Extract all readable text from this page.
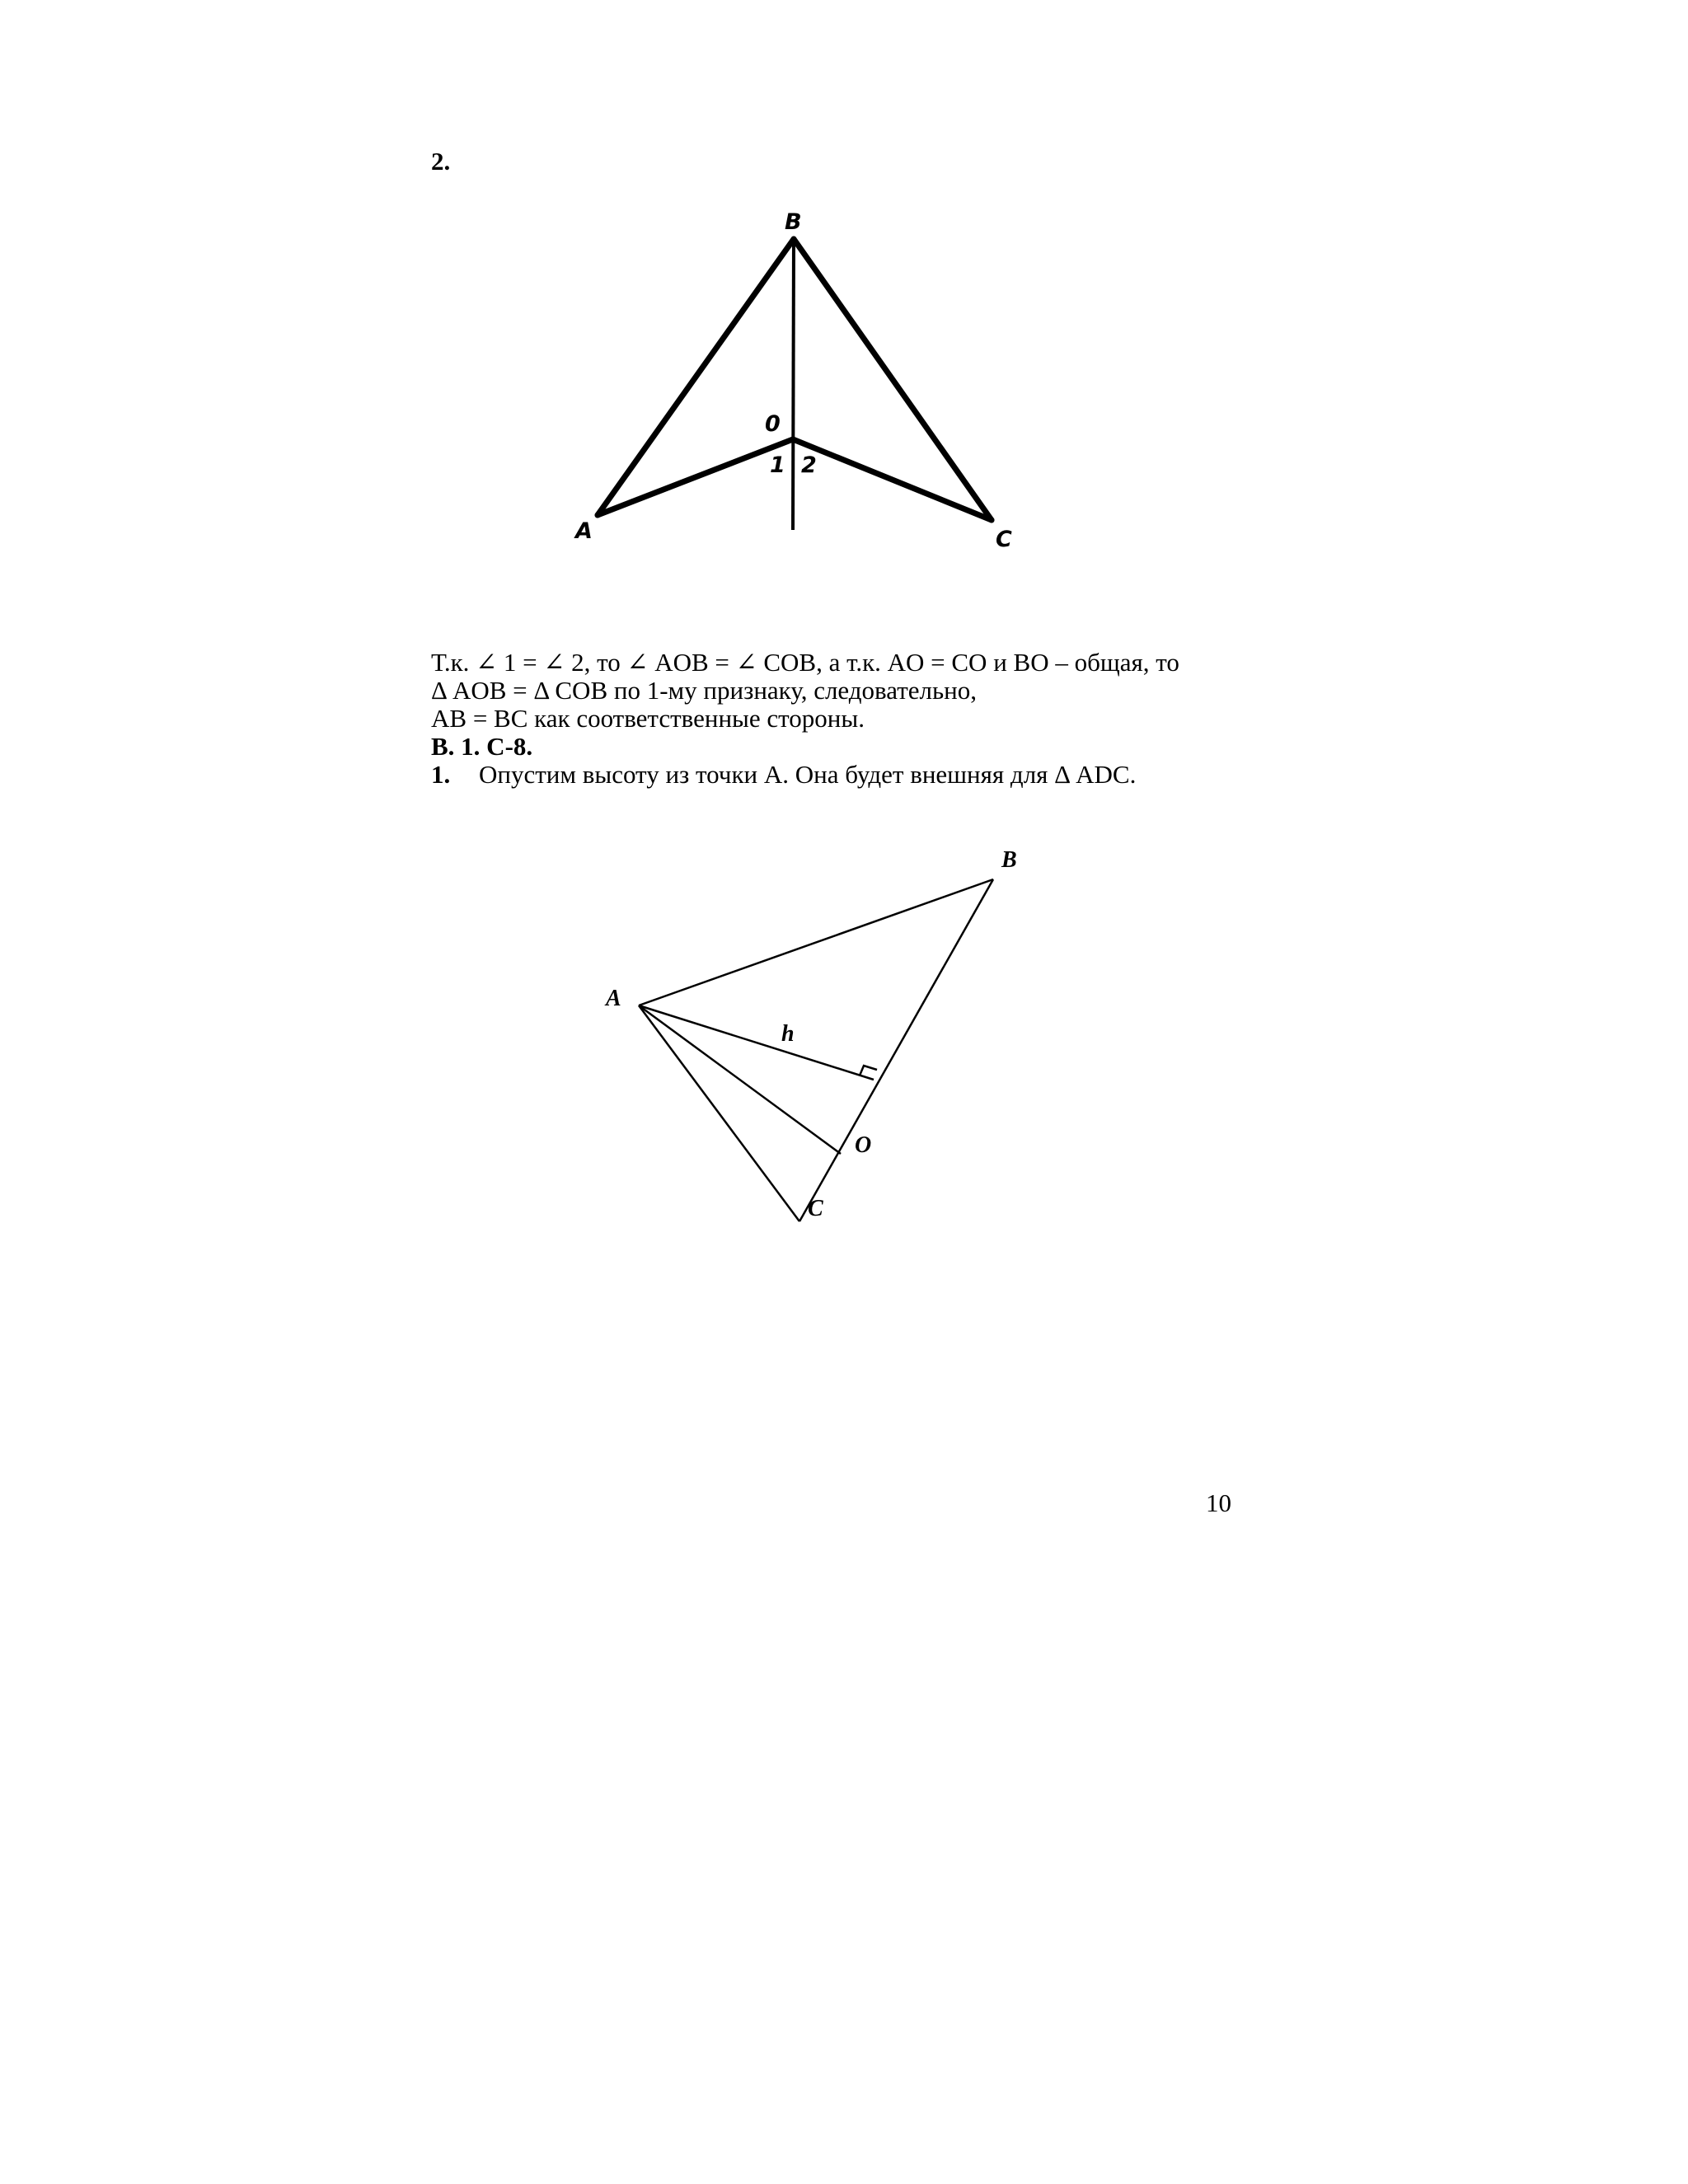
2.
B
0
1 2
A	C

Т.к. ∠ 1 = ∠ 2, то ∠ AOB = ∠ COB, а т.к. AO = CO и BO – общая, то

Δ AOB = Δ COB по 1-му признаку, следовательно,

AB = BC как соответственные стороны.

В. 1. С-8.

1. Опустим высоту из точки A. Она будет внешняя для Δ ADC.

B
A
h
O
C
10
